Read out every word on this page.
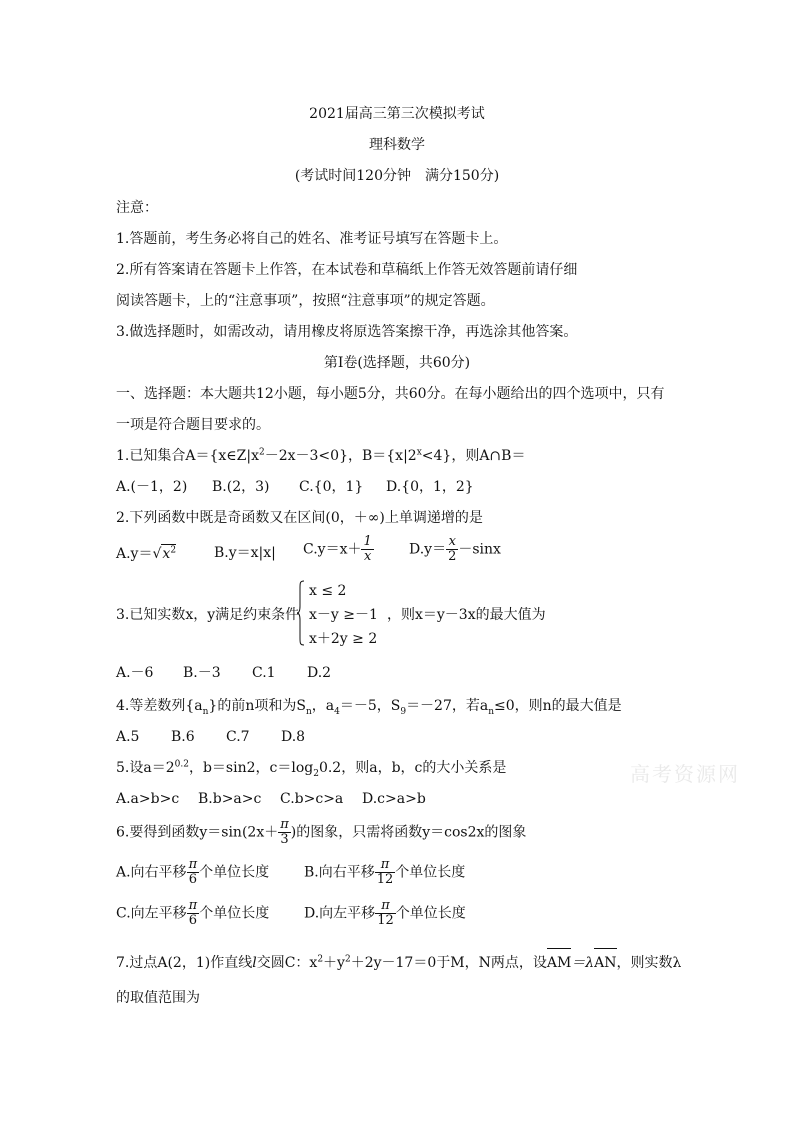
2021届高三第三次模拟考试
理科数学
(考试时间120分钟　满分150分)
注意：
1.答题前，考生务必将自己的姓名、准考证号填写在答题卡上。
2.所有答案请在答题卡上作答，在本试卷和草稿纸上作答无效答题前请仔细
阅读答题卡，上的“注意事项”，按照“注意事项”的规定答题。
3.做选择题时，如需改动，请用橡皮将原选答案擦干净，再选涂其他答案。
第I卷(选择题，共60分)
一、选择题：本大题共12小题，每小题5分，共60分。在每小题给出的四个选项中，只有
一项是符合题目要求的。
1.已知集合$A=\{x\in Z|x^2-2x-3<0\}$，$B=\{x|2^x<4\}$，则A∩B＝
A.(－1，2) B.(2，3) C.{0，1} D.{0，1，2}
2.下列函数中既是奇函数又在区间(0，＋∞)上单调递增的是
$A.y=√x^2$	B.y＝x|x| $C.y=x+ \frac{1}{x}$	$D.y= \frac{x}{2} -\sin x$
3.已知实数x，y满足约束条件
x ≤ 2
x－y ≥－1
x＋2y ≥ 2
，则x＝y－3x的最大值为
A.－6 B.－3 C.1 D.2
4.等差数列$\{a_n\}$的前n项和为$S_n$，$a_4=-5$，$S_9=-27$，若$a_n\le 0$，则n的最大值是
A.5 B.6 C.7 D.8
5.设$a=2^{0.2}$，b＝sin2，$c=\log_20.2$，则a，b，c的大小关系是
A.a>b>c B.b>a>c C.b>c>a D.c>a>b
高考资源网
6.要得到函数$y=\sin(2x+ \frac{\pi}{3}$ )的图象，只需将函数y＝cos2x的图象
A.向右平移 $\frac{\pi}{6}$ 个单位长度 B.向右平移 $\frac{\pi}{12}$ 个单位长度
C.向左平移 $\frac{\pi}{6}$ 个单位长度 D.向左平移 $\frac{\pi}{12}$ 个单位长度
7.过点A(2，1)作直线l交圆C：$x^2+y^2+2y-17=0$于M，N两点，设
AM＝λ
AN，则实数λ
的取值范围为
